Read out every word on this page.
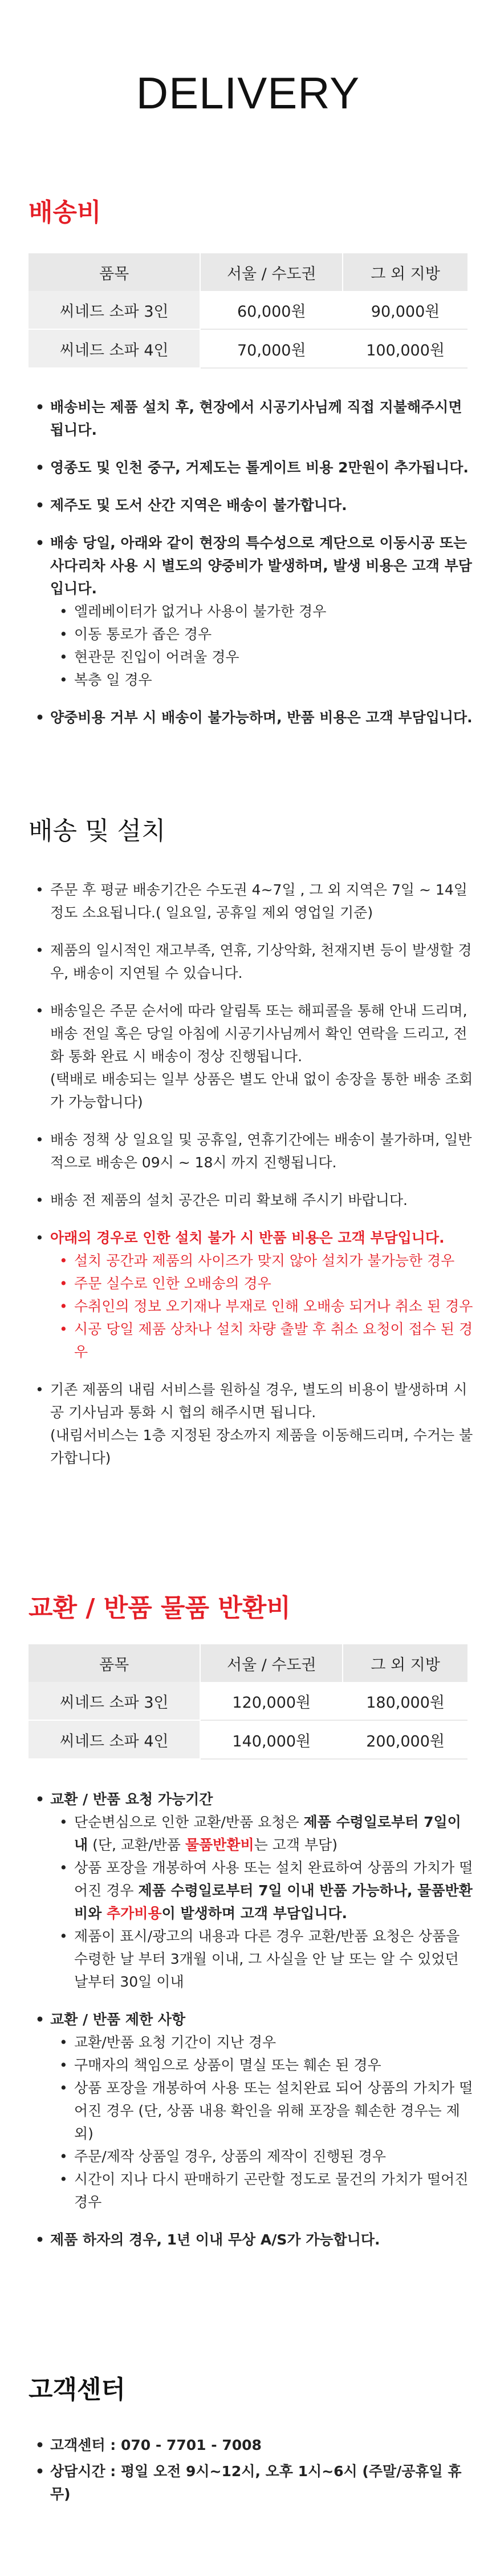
DELIVERY
배송비
품목	서울 / 수도권	그 외 지방
씨네드 소파 3인	60,000원	90,000원
씨네드 소파 4인	70,000원	100,000원
• 배송비는 제품 설치 후, 현장에서 시공기사님께 직접 지불해주시면 됩니다.
• 영종도 및 인천 중구, 거제도는 톨게이트 비용 2만원이 추가됩니다.
• 제주도 및 도서 산간 지역은 배송이 불가합니다.
• 배송 당일, 아래와 같이 현장의 특수성으로 계단으로 이동시공 또는 사다리차 사용 시 별도의 양중비가 발생하며, 발생 비용은 고객 부담입니다.
• 엘레베이터가 없거나 사용이 불가한 경우
• 이동 통로가 좁은 경우
• 현관문 진입이 어려울 경우
• 복층 일 경우
• 양중비용 거부 시 배송이 불가능하며, 반품 비용은 고객 부담입니다.
배송 및 설치
• 주문 후 평균 배송기간은 수도권 4~7일 , 그 외 지역은 7일 ~ 14일 정도 소요됩니다.( 일요일, 공휴일 제외 영업일 기준)
• 제품의 일시적인 재고부족, 연휴, 기상악화, 천재지변 등이 발생할 경우, 배송이 지연될 수 있습니다.
• 배송일은 주문 순서에 따라 알림톡 또는 해피콜을 통해 안내 드리며, 배송 전일 혹은 당일 아침에 시공기사님께서 확인 연락을 드리고, 전화 통화 완료 시 배송이 정상 진행됩니다.
(택배로 배송되는 일부 상품은 별도 안내 없이 송장을 통한 배송 조회가 가능합니다)
• 배송 정책 상 일요일 및 공휴일, 연휴기간에는 배송이 불가하며, 일반적으로 배송은 09시 ~ 18시 까지 진행됩니다.
• 배송 전 제품의 설치 공간은 미리 확보해 주시기 바랍니다.
• 아래의 경우로 인한 설치 불가 시 반품 비용은 고객 부담입니다.
• 설치 공간과 제품의 사이즈가 맞지 않아 설치가 불가능한 경우
• 주문 실수로 인한 오배송의 경우
• 수취인의 정보 오기재나 부재로 인해 오배송 되거나 취소 된 경우
• 시공 당일 제품 상차나 설치 차량 출발 후 취소 요청이 접수 된 경우
• 기존 제품의 내림 서비스를 원하실 경우, 별도의 비용이 발생하며 시공 기사님과 통화 시 협의 해주시면 됩니다.
(내림서비스는 1층 지정된 장소까지 제품을 이동해드리며, 수거는 불가합니다)
교환 / 반품 물품 반환비
품목	서울 / 수도권	그 외 지방
씨네드 소파 3인	120,000원	180,000원
씨네드 소파 4인	140,000원	200,000원
• 교환 / 반품 요청 가능기간
• 단순변심으로 인한 교환/반품 요청은 제품 수령일로부터 7일이내 (단, 교환/반품 물품반환비는 고객 부담)
• 상품 포장을 개봉하여 사용 또는 설치 완료하여 상품의 가치가 떨어진 경우 제품 수령일로부터 7일 이내 반품 가능하나, 물품반환비와 추가비용이 발생하며 고객 부담입니다.
• 제품이 표시/광고의 내용과 다른 경우 교환/반품 요청은 상품을 수령한 날 부터 3개월 이내, 그 사실을 안 날 또는 알 수 있었던 날부터 30일 이내
• 교환 / 반품 제한 사항
• 교환/반품 요청 기간이 지난 경우
• 구매자의 책임으로 상품이 멸실 또는 훼손 된 경우
• 상품 포장을 개봉하여 사용 또는 설치완료 되어 상품의 가치가 떨어진 경우 (단, 상품 내용 확인을 위해 포장을 훼손한 경우는 제외)
• 주문/제작 상품일 경우, 상품의 제작이 진행된 경우
• 시간이 지나 다시 판매하기 곤란할 정도로 물건의 가치가 떨어진 경우
• 제품 하자의 경우, 1년 이내 무상 A/S가 가능합니다.
고객센터
• 고객센터 : 070 - 7701 - 7008
• 상담시간 : 평일 오전 9시~12시, 오후 1시~6시 (주말/공휴일 휴무)
